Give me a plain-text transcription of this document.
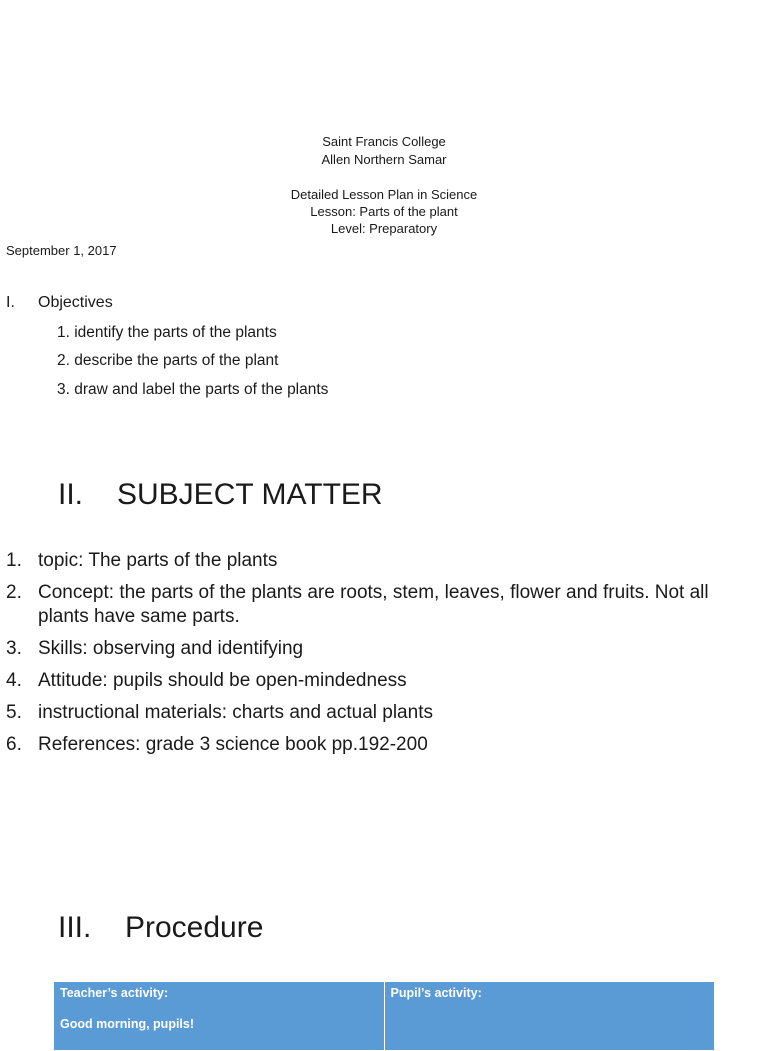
Saint Francis College
Allen Northern Samar
Detailed Lesson Plan in Science
Lesson: Parts of the plant
Level: Preparatory
September 1, 2017
I. Objectives
1. identify the parts of the plants
2. describe the parts of the plant
3. draw and label the parts of the plants
II. SUBJECT MATTER
1. topic: The parts of the plants
2. Concept: the parts of the plants are roots, stem, leaves, flower and fruits. Not all plants have same parts.
3. Skills: observing and identifying
4. Attitude: pupils should be open-mindedness
5. instructional materials: charts and actual plants
6. References: grade 3 science book pp.192-200
III. Procedure
Teacher’s activity:
Good morning, pupils!

Pupil’s activity:
